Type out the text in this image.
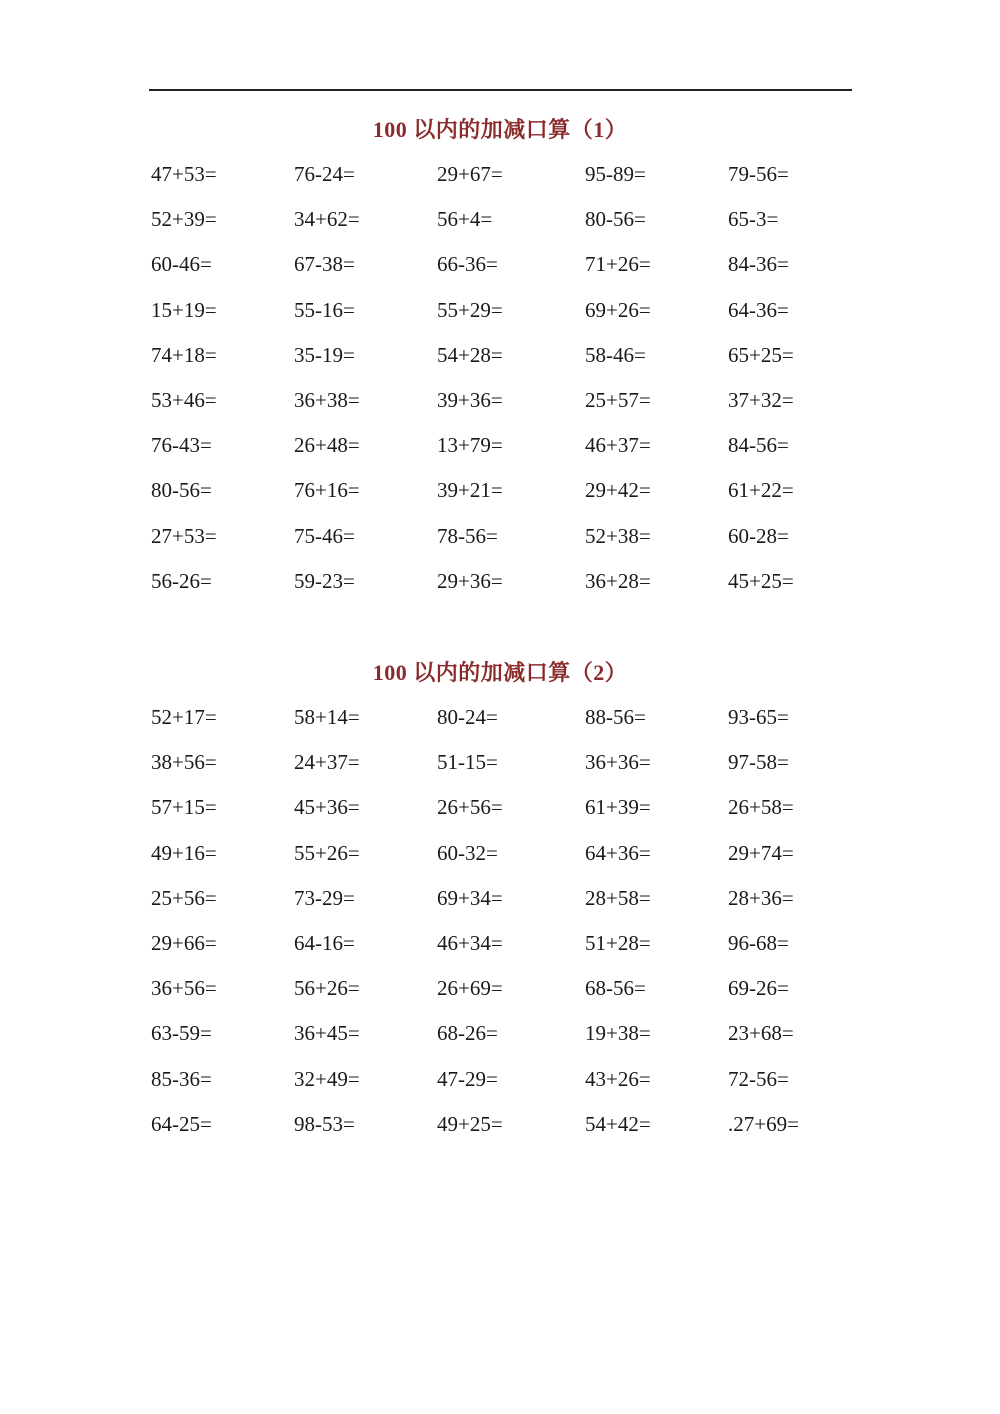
100 以内的加减口算（1）
47+53=	76-24=	29+67=	95-89=	79-56=
52+39=	34+62=	56+4=	80-56=	65-3=
60-46=	67-38=	66-36=	71+26=	84-36=
15+19=	55-16=	55+29=	69+26=	64-36=
74+18=	35-19=	54+28=	58-46=	65+25=
53+46=	36+38=	39+36=	25+57=	37+32=
76-43=	26+48=	13+79=	46+37=	84-56=
80-56=	76+16=	39+21=	29+42=	61+22=
27+53=	75-46=	78-56=	52+38=	60-28=
56-26=	59-23=	29+36=	36+28=	45+25=
100 以内的加减口算（2）
52+17=	58+14=	80-24=	88-56=	93-65=
38+56=	24+37=	51-15=	36+36=	97-58=
57+15=	45+36=	26+56=	61+39=	26+58=
49+16=	55+26=	60-32=	64+36=	29+74=
25+56=	73-29=	69+34=	28+58=	28+36=
29+66=	64-16=	46+34=	51+28=	96-68=
36+56=	56+26=	26+69=	68-56=	69-26=
63-59=	36+45=	68-26=	19+38=	23+68=
85-36=	32+49=	47-29=	43+26=	72-56=
64-25=	98-53=	49+25=	54+42=	.27+69=
